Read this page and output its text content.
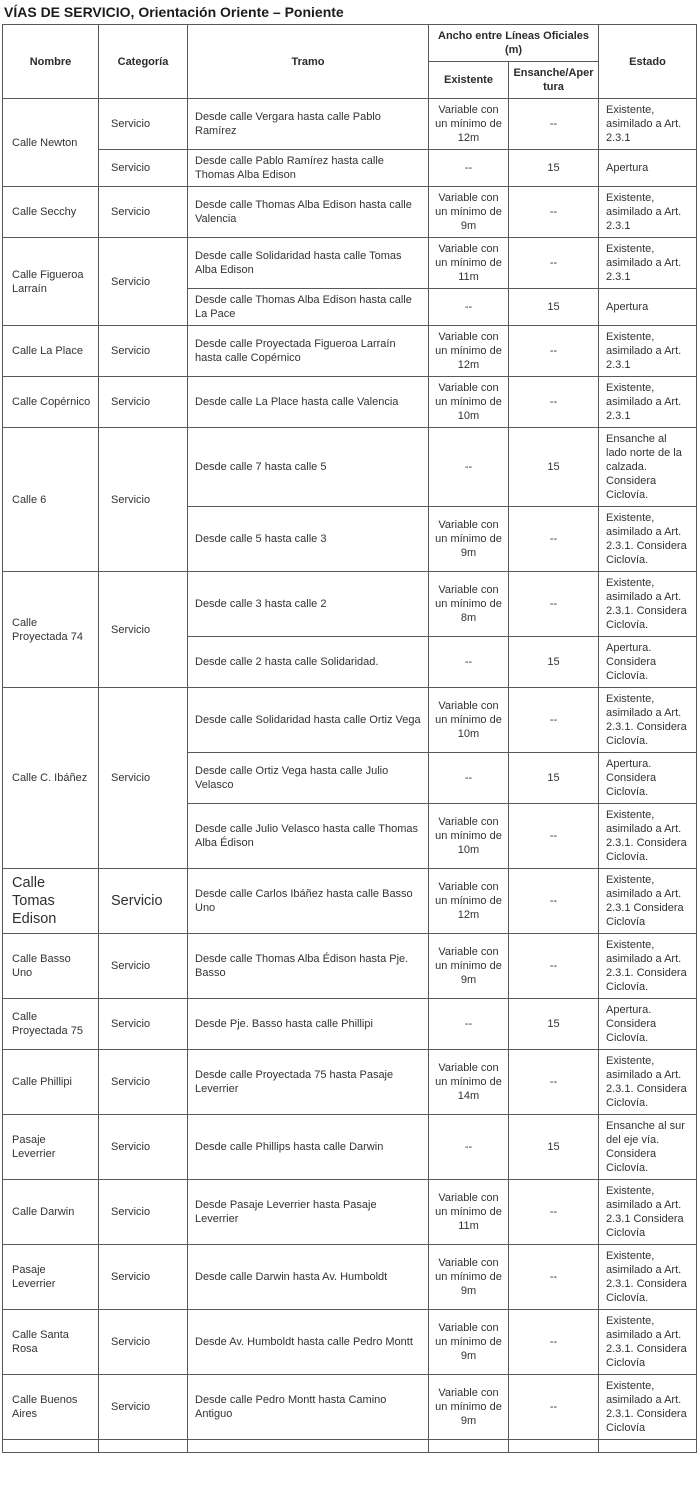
VÍAS DE SERVICIO, Orientación Oriente – Poniente
Nombre	Categoría	Tramo	Ancho entre Líneas Oficiales (m)		Estado
			Existente	Ensanche/Apertura	
Calle Newton	Servicio	Desde calle Vergara hasta calle Pablo Ramírez	Variable con un mínimo de 12m	--	Existente, asimilado a Art. 2.3.1
	Servicio	Desde calle Pablo Ramírez hasta calle Thomas Alba Edison	--	15	Apertura
Calle Secchy	Servicio	Desde calle Thomas Alba Edison hasta calle Valencia	Variable con un mínimo de 9m	--	Existente, asimilado a Art. 2.3.1
Calle Figueroa Larraín	Servicio	Desde calle Solidaridad hasta calle Tomas Alba Edison	Variable con un mínimo de 11m	--	Existente, asimilado a Art. 2.3.1
		Desde calle Thomas Alba Edison hasta calle La Pace	--	15	Apertura
Calle La Place	Servicio	Desde calle Proyectada Figueroa Larraín hasta calle Copérnico	Variable con un mínimo de 12m	--	Existente, asimilado a Art. 2.3.1
Calle Copérnico	Servicio	Desde calle La Place hasta calle Valencia	Variable con un mínimo de 10m	--	Existente, asimilado a Art. 2.3.1
Calle 6	Servicio	Desde calle 7 hasta calle 5	--	15	Ensanche al lado norte de la calzada. Considera Ciclovía.
		Desde calle 5 hasta calle 3	Variable con un mínimo de 9m	--	Existente, asimilado a Art. 2.3.1. Considera Ciclovía.
Calle Proyectada 74	Servicio	Desde calle 3 hasta calle 2	Variable con un mínimo de 8m	--	Existente, asimilado a Art. 2.3.1. Considera Ciclovía.
		Desde calle 2 hasta calle Solidaridad.	--	15	Apertura. Considera Ciclovía.
Calle C. Ibáñez	Servicio	Desde calle Solidaridad hasta calle Ortiz Vega	Variable con un mínimo de 10m	--	Existente, asimilado a Art. 2.3.1. Considera Ciclovía.
		Desde calle Ortiz Vega hasta calle Julio Velasco	--	15	Apertura. Considera Ciclovía.
		Desde calle Julio Velasco hasta calle Thomas Alba Édison	Variable con un mínimo de 10m	--	Existente, asimilado a Art. 2.3.1. Considera Ciclovía.
Calle Tomas Edison	Servicio	Desde calle Carlos Ibáñez hasta calle Basso Uno	Variable con un mínimo de 12m	--	Existente, asimilado a Art. 2.3.1 Considera Ciclovía
Calle Basso Uno	Servicio	Desde calle Thomas Alba Édison hasta Pje. Basso	Variable con un mínimo de 9m	--	Existente, asimilado a Art. 2.3.1. Considera Ciclovía.
Calle Proyectada 75	Servicio	Desde Pje. Basso hasta calle Phillipi	--	15	Apertura. Considera Ciclovía.
Calle Phillipi	Servicio	Desde calle Proyectada 75 hasta Pasaje Leverrier	Variable con un mínimo de 14m	--	Existente, asimilado a Art. 2.3.1. Considera Ciclovía.
Pasaje Leverrier	Servicio	Desde calle Phillips hasta calle Darwin	--	15	Ensanche al sur del eje vía. Considera Ciclovía.
Calle Darwin	Servicio	Desde Pasaje Leverrier hasta Pasaje Leverrier	Variable con un mínimo de 11m	--	Existente, asimilado a Art. 2.3.1 Considera Ciclovía
Pasaje Leverrier	Servicio	Desde calle Darwin hasta Av. Humboldt	Variable con un mínimo de 9m	--	Existente, asimilado a Art. 2.3.1. Considera Ciclovía.
Calle Santa Rosa	Servicio	Desde Av. Humboldt hasta calle Pedro Montt	Variable con un mínimo de 9m	--	Existente, asimilado a Art. 2.3.1. Considera Ciclovía
Calle Buenos Aires	Servicio	Desde calle Pedro Montt hasta Camino Antiguo	Variable con un mínimo de 9m	--	Existente, asimilado a Art. 2.3.1. Considera Ciclovía
